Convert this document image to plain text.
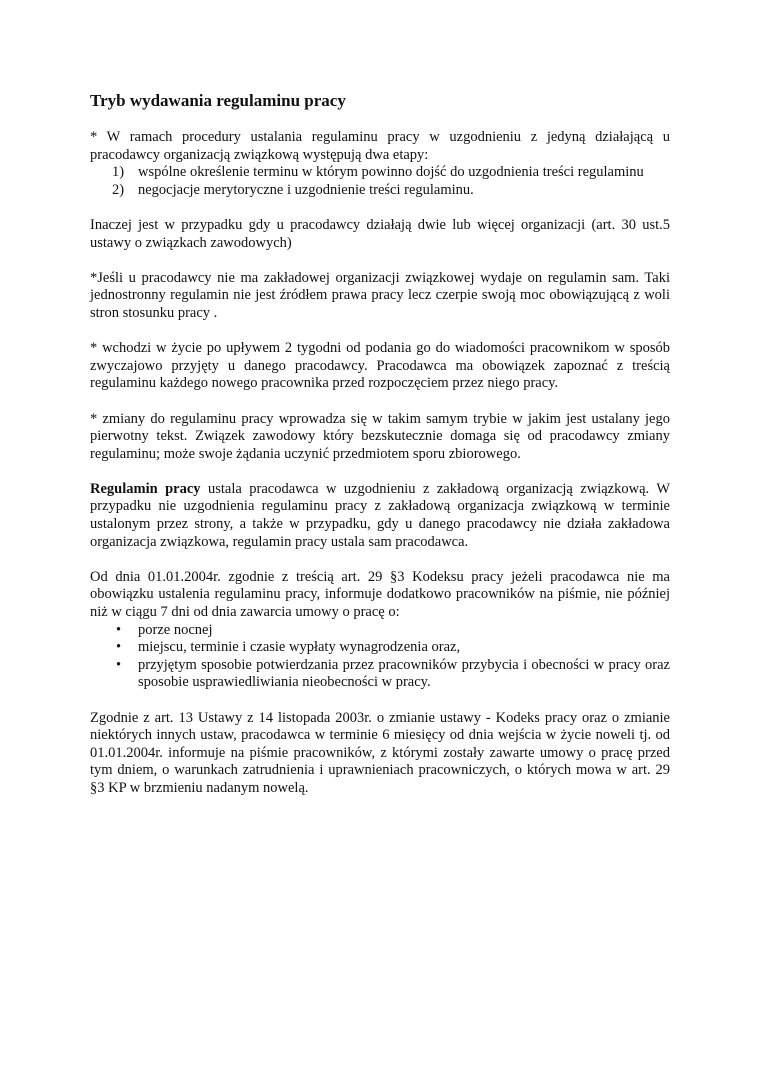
Tryb wydawania regulaminu pracy

* W ramach procedury ustalania regulaminu pracy w uzgodnieniu z jedyną działającą u pracodawcy organizacją związkową występują dwa etapy:

1) wspólne określenie terminu w którym powinno dojść do uzgodnienia treści regulaminu
2) negocjacje merytoryczne i uzgodnienie treści regulaminu.

Inaczej jest w przypadku gdy u pracodawcy działają dwie lub więcej organizacji (art. 30 ust.5 ustawy o związkach zawodowych)

*Jeśli u pracodawcy nie ma zakładowej organizacji związkowej wydaje on regulamin sam. Taki jednostronny regulamin nie jest źródłem prawa pracy lecz czerpie swoją moc obowiązującą z woli stron stosunku pracy .

* wchodzi w życie po upływem 2 tygodni od podania go do wiadomości pracownikom w sposób zwyczajowo przyjęty u danego pracodawcy. Pracodawca ma obowiązek zapoznać z treścią regulaminu każdego nowego pracownika przed rozpoczęciem przez niego pracy.

* zmiany do regulaminu pracy wprowadza się w takim samym trybie w jakim jest ustalany jego pierwotny tekst. Związek zawodowy który bezskutecznie domaga się od pracodawcy zmiany regulaminu; może swoje żądania uczynić przedmiotem sporu zbiorowego.

Regulamin pracy ustala pracodawca w uzgodnieniu z zakładową organizacją związkową. W przypadku nie uzgodnienia regulaminu pracy z zakładową organizacja związkową w terminie ustalonym przez strony, a także w przypadku, gdy u danego pracodawcy nie działa zakładowa organizacja związkowa, regulamin pracy ustala sam pracodawca.

Od dnia 01.01.2004r. zgodnie z treścią art. 29 §3 Kodeksu pracy jeżeli pracodawca nie ma obowiązku ustalenia regulaminu pracy, informuje dodatkowo pracowników na piśmie, nie później niż w ciągu 7 dni od dnia zawarcia umowy o pracę o:

• porze nocnej
• miejscu, terminie i czasie wypłaty wynagrodzenia oraz,
• przyjętym sposobie potwierdzania przez pracowników przybycia i obecności w pracy oraz sposobie usprawiedliwiania nieobecności w pracy.

Zgodnie z art. 13 Ustawy z 14 listopada 2003r. o zmianie ustawy - Kodeks pracy oraz o zmianie niektórych innych ustaw, pracodawca w terminie 6 miesięcy od dnia wejścia w życie noweli tj. od 01.01.2004r. informuje na piśmie pracowników, z którymi zostały zawarte umowy o pracę przed tym dniem, o warunkach zatrudnienia i uprawnieniach pracowniczych, o których mowa w art. 29 §3 KP w brzmieniu nadanym nowelą.
